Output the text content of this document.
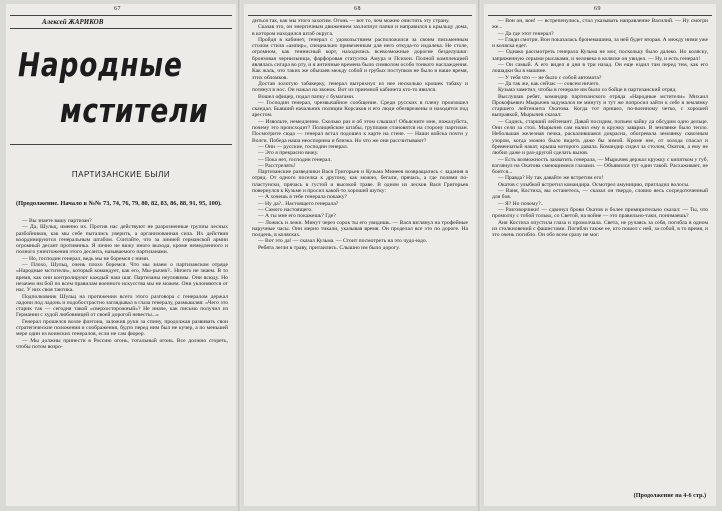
67
Алексей ЖАРИКОВ
Народные
мстители
ПАРТИЗАНСКИЕ БЫЛИ
(Продолжение. Начало в №№ 73, 74, 76, 79, 80, 82, 83, 86, 88, 91, 95, 100).

— Вы знаете вашу партизан?

— Да, Шульц, именно их. Против нас действуют не разрозненные группы лесных разбойников, как мы себе пытались уверить, а организованная сила. Их действия координируются генеральным штабом. Считайте, что за линией германской армии огромный десант противника. Я лично не вижу иного выхода, кроме немедленного и полного уничтожения этого десанта, называемого партизанами.

— Но, господин генерал, ведь мы не боремся с ними.

— Плохо, Шульц, очень плохо боремся. Что мы знаем о партизанском отряде «Народные мстители», который командует, как его, Мы-рычев?.. Ничего не знаем. В то время, как они контролируют каждый наш шаг. Партизаны неуловимы. Они всюду. Но незачем им бой по всем правилам военного искусства мы не можем. Они уклоняются от нас. У них своя тактика.

Подполковник Шульц на протяжении всего этого разговора с генералом держал ладони под ладонь и подобострастно заглядывал в глаза генералу, размышляя: «Чего это старик так — сегодня такой «сверхосторожный»? Не иначе, как письмо получил из Германии с худой любовницей от своей дорогой невесты...»

Генерал прошелся возле фаэтона, заложив руки за спину, продолжая развивать свои стратегические положения и соображения, будто перед ним был не кучер, а по меньшей мере один из воинских генералов, если не сам фюрер.

— Мы должны принести в Россию огонь, тотальный огонь. Все должно сгореть, чтобы потом возро-

68

диться так, как мы этого захотим. Огонь — вот то, чем можно очистить эту страну.

Сказав это, он энергичным движением захлопнул папки и направился к крыльцу дома, в котором находился штаб округа.

Пройдя в кабинет, генерал с удовольствием расположился за своим письменным столом стиля «ампир», специально привезенным для него откуда-то издалека. Не столе, огромном, как теннисный корт, находились всевозможные дорогие безделушки: бронзовая чернильница, фарфоровая статуэтка Амура и Психеи. Полной комплекцией являлась сигара во рту, и я античные времена было символом особо тонкого наслаждения. Как жаль, что таких же обычаев между собой и грубых поступков не было в наше время, этих обломков.

Достав золотую табакерку, генерал вытряхнул из нее несколько крошек табаку и потянул в нос. Он нажал на звонок. Вот из приемной кабинета кто-то явился.

Вошел офицер, подал папку с бумагами.

— Господин генерал, чрезвычайное сообщение. Среди русских в плену произошел скандал. Бывший начальник полиции Корсаков и его люди обезврежены и находятся под арестом.

— Извольте, немедленно. Сколько раз я об этом слышал! Объясните мне, пожалуйста, почему это происходит? Полицейские штабы, группами становятся на сторону партизан. Посмотрите сюда — генерал встал подошел к карте на стене. — Наши войска почти у Волги. Победа наша неоспорима и близка. Но что же они рассчитывают?

— Они — русские, господин генерал.

— Это я прекрасно вижу.

— Пока нет, господин генерал.

— Расстрелять!

Партизанские разведчики Вася Григорьев и Кузьма Минеев возвращались с задания в отряд. От одного поселка к другому, как можно, бегали, прячась, а где полями по-пластунски, прячась в густой и высокой траве. В одном из лесков Вася Григорьев повернулся к Кузьме и просил какой-то хорошей шутку:

— А хочешь я тебе генерала покажу?

— Ну да?.. Настоящего генерала?

— Самого настоящего.

— А ты мне его покажешь? Где?

— Ложись и лежи. Минут через сорок ты его увидишь. — Вася взглянул на трофейные наручные часы. Они мерно тикали, указывая время. Он проделал все это по дороге. На полдень, в колясках.

— Вот это да! — сказал Кузьма. — Стоит посмотреть на это чудо-юдо.

Ребята легли в траву, притаились. Слышно им было дорогу.

69

— Вон он, вон! — встрепенулись, стал указывать направление Василий. — Ну смотри же...

— Да где этот генерал?

— Гляди смотри. Вон показалась бронемашина, за ней будет вторая. А между ними уже и коляска едет.

— Однако рассмотреть генерала Кузьма не мог, поскольку было далеко. Но коляску, запряженную серыми рысаками, и человека в коляске он увидел. — Ну, и есть генерал!

— Он самый. А его видел я дня в три назад. Он еще ездил там перед тем, как его лошадки бы в машине.

— У тебя что — не было с собой автомата?

— Да так же, как сейчас — совсем ничего.

Кузьма заметил, чтобы в генерале им было со бойце в партизанский отряд.

Выслушав ребят, командир партизанского отряда «Народные мстители» Михаил Прокофьевич Мырычев задумался не минуту и тут же попросил зайти к себе в землянку старшего лейтенанта Окатова. Когда тот пришел, по-военному четко, с хорошей выправкой, Мырычев сказал:

— Садись, старший лейтенант. Давай посидим, попьем чайку да обсудим одно дельце. Они сели за стол. Мырычев сам налил ему в кружку заварки. В землянке было тепло. Небольшая железная печка, раскалившаяся докрасна, обогревала землянку сквозным узором, когда можно было видеть даже бы зимой. Кроме нее, от холода спасал и бревенчатый накат, крыша которого давала. Командир сидел за столом, Окатов, а ему не любил даже и раз-другой сделать вызов.

— Есть возможность захватить генерала, — Мырычев держал кружку с кипятком у губ, взглянул на Окатова смеющимися глазами. — Объявился тут один такой. Расхаживает, не боится...

— Правда? Ну так давайте же встретим его!

Окатов с улыбкой встретил командира. Осмотрел амуницию, пригладил волосы.

— Ваня, Костиха, вы останетесь, — сказал он твердо, словно весь сосредоточенный для боя.

— Я? Но почему?..

— Разговорчики! — сдвинул брови Окатов и более примирительно сказал: — Ты, что промолчу с тобой только, со Светой, на войне — это правильно-таки, понимаешь?

Аня Костиха опустила глаза и промолчала. Света, не ручаясь за себя, погибла в одном из столкновений с фашистами. Погибли также ее, кто пошел с ней, за собой, в то время, и это очень погибло. Он обо всем сразу не мог.

(Продолжение на 4-6 стр.)
